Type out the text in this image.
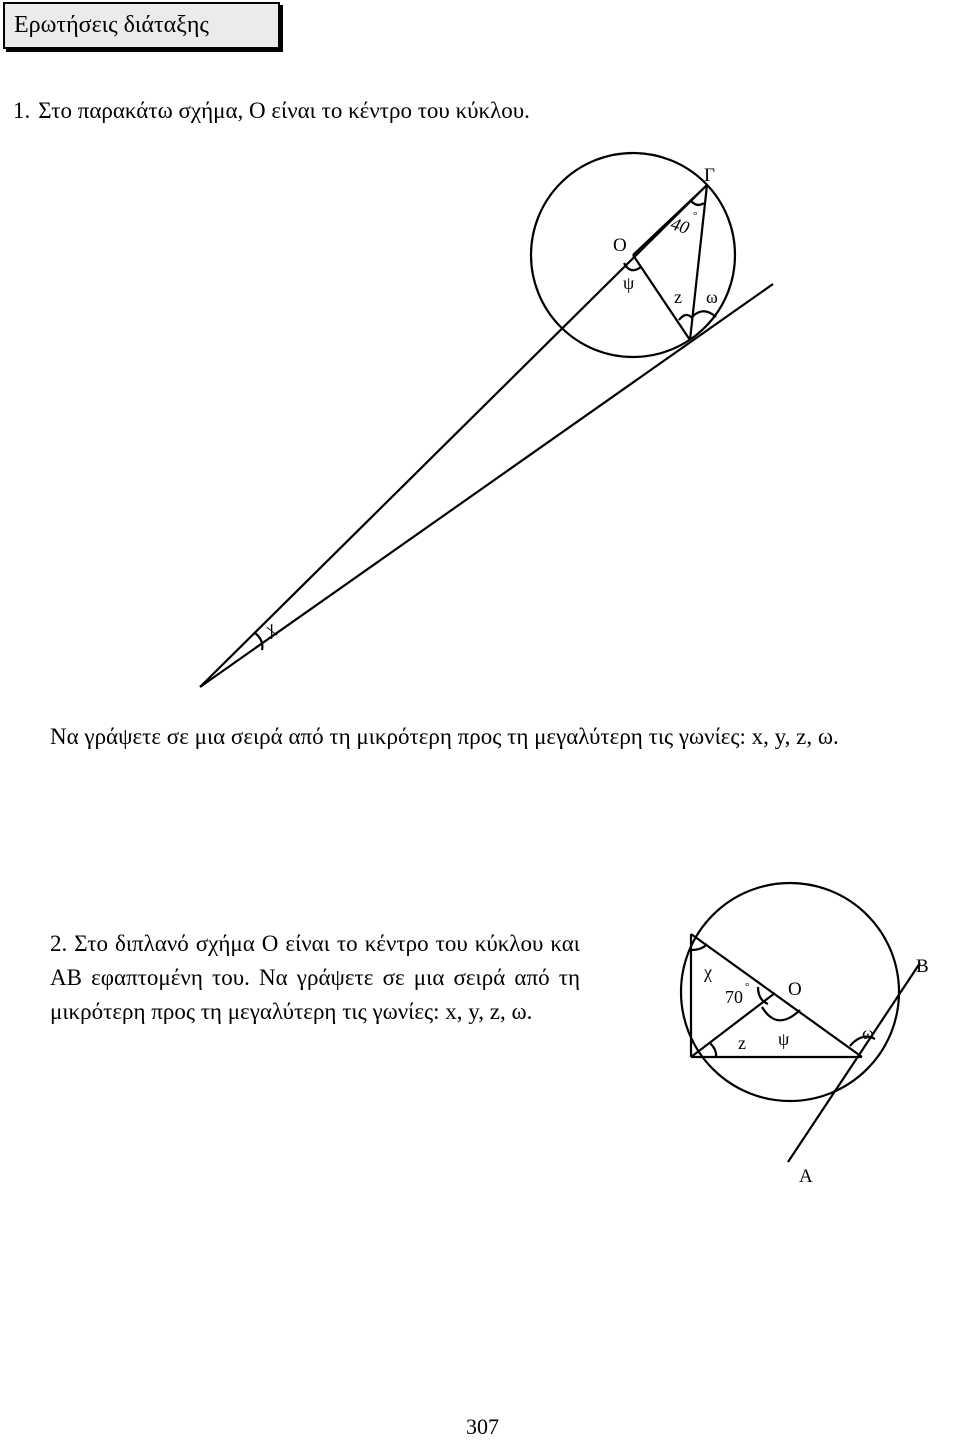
Ερωτήσεις διάταξης
1. Στο παρακάτω σχήμα, Ο είναι το κέντρο του κύκλου.
Ο
Γ
40 °
ψ
z ω
χ
χ
70 ° Ο
z ψ	ω
Β
Α
Να γράψετε σε μια σειρά από τη μικρότερη προς τη μεγαλύτερη τις γωνίες: x, y, z, ω.
2. Στο διπλανό σχήμα Ο είναι το κέντρο του κύκλου και ΑΒ εφαπτομένη του. Να γράψετε σε μια σειρά από τη μικρότερη προς τη μεγαλύτερη τις γωνίες: x, y, z, ω.
307
